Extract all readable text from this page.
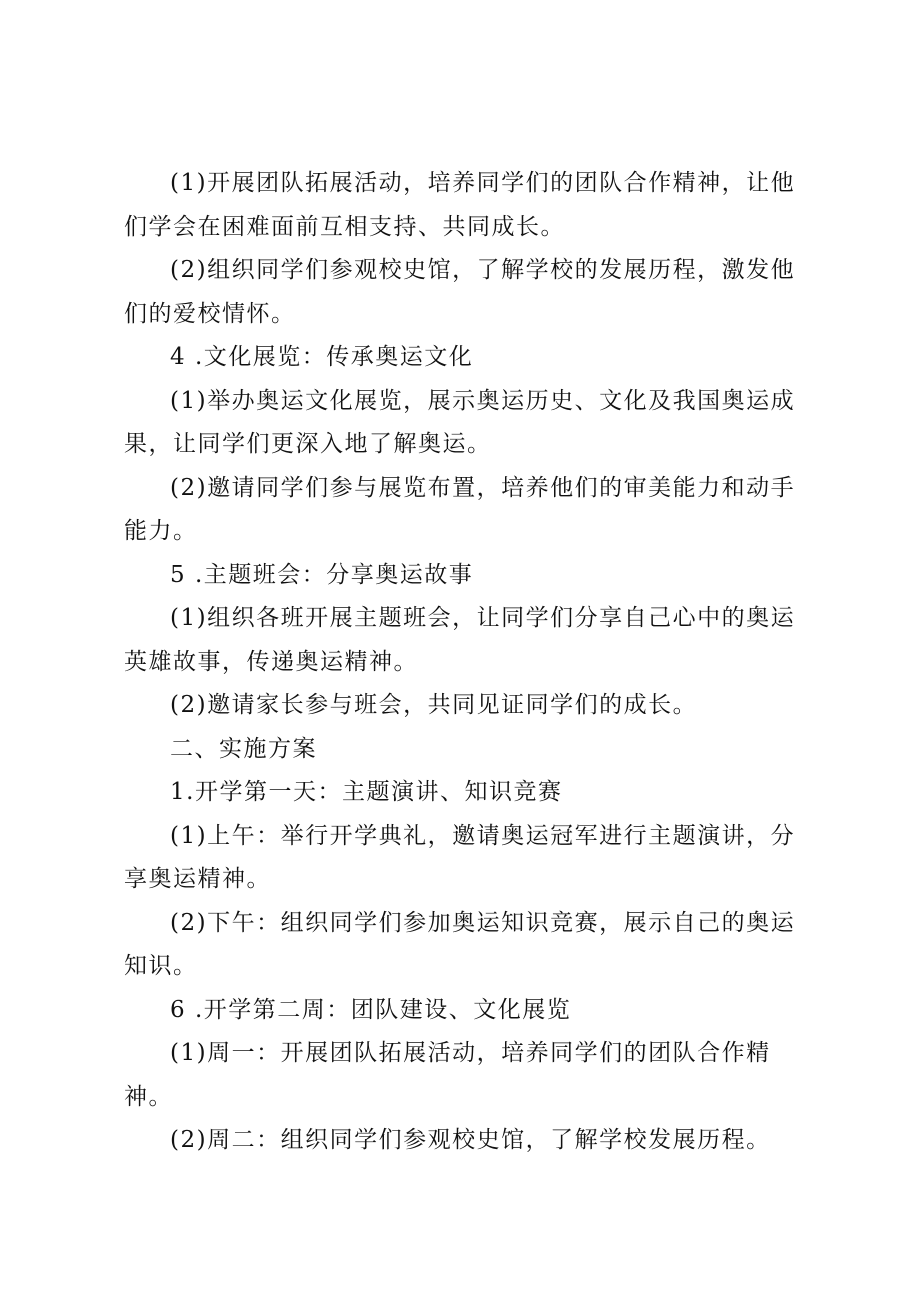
(1)开展团队拓展活动，培养同学们的团队合作精神，让他们学会在困难面前互相支持、共同成长。

(2)组织同学们参观校史馆，了解学校的发展历程，激发他们的爱校情怀。

4 .文化展览：传承奥运文化

(1)举办奥运文化展览，展示奥运历史、文化及我国奥运成果，让同学们更深入地了解奥运。

(2)邀请同学们参与展览布置，培养他们的审美能力和动手能力。

5 .主题班会：分享奥运故事

(1)组织各班开展主题班会，让同学们分享自己心中的奥运英雄故事，传递奥运精神。

(2)邀请家长参与班会，共同见证同学们的成长。

二、实施方案

1.开学第一天：主题演讲、知识竞赛

(1)上午：举行开学典礼，邀请奥运冠军进行主题演讲，分享奥运精神。

(2)下午：组织同学们参加奥运知识竞赛，展示自己的奥运知识。

6 .开学第二周：团队建设、文化展览

(1)周一：开展团队拓展活动，培养同学们的团队合作精神。

(2)周二：组织同学们参观校史馆，了解学校发展历程。
